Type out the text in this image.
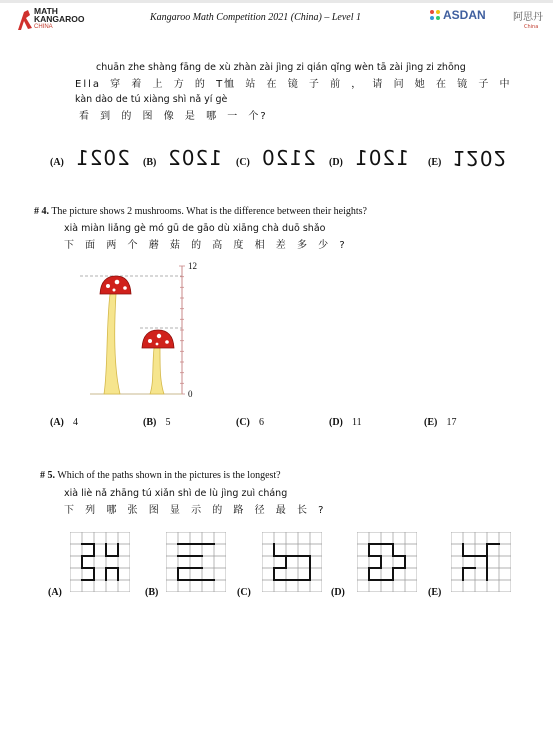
MATH
KANGAROO
CHINA
Kangaroo Math Competition 2021 (China) – Level 1	ASDAN	阿思丹
China
chuān zhe shàng fāng de xù zhàn zài jìng zi qián qǐng wèn tā zài jìng zi zhōng
Ella 穿 着 上 方 的 T恤 站 在 镜 子 前 ， 请 问 她 在 镜 子 中
kàn dào de tú xiàng shì nǎ yí gè
看 到 的 图 像 是 哪 一 个?
(A) 2021 (B) 1202 (C) 2120 (D) 1201 (E) 1202
# 4. The picture shows 2 mushrooms. What is the difference between their heights?
xià miàn liǎng gè mó gū de gāo dù xiāng chà duō shǎo
下 面 两 个 蘑 菇 的 高 度 相 差 多 少 ?
12
0
(A) 4	(B) 5	(C) 6	(D) 11	(E) 17
# 5. Which of the paths shown in the pictures is the longest?
xià liè nǎ zhāng tú xiǎn shì de lù jìng zuì cháng
下 列 哪 张 图 显 示 的 路 径 最 长 ?
(A)	(B)	(C)	(D)	(E)
